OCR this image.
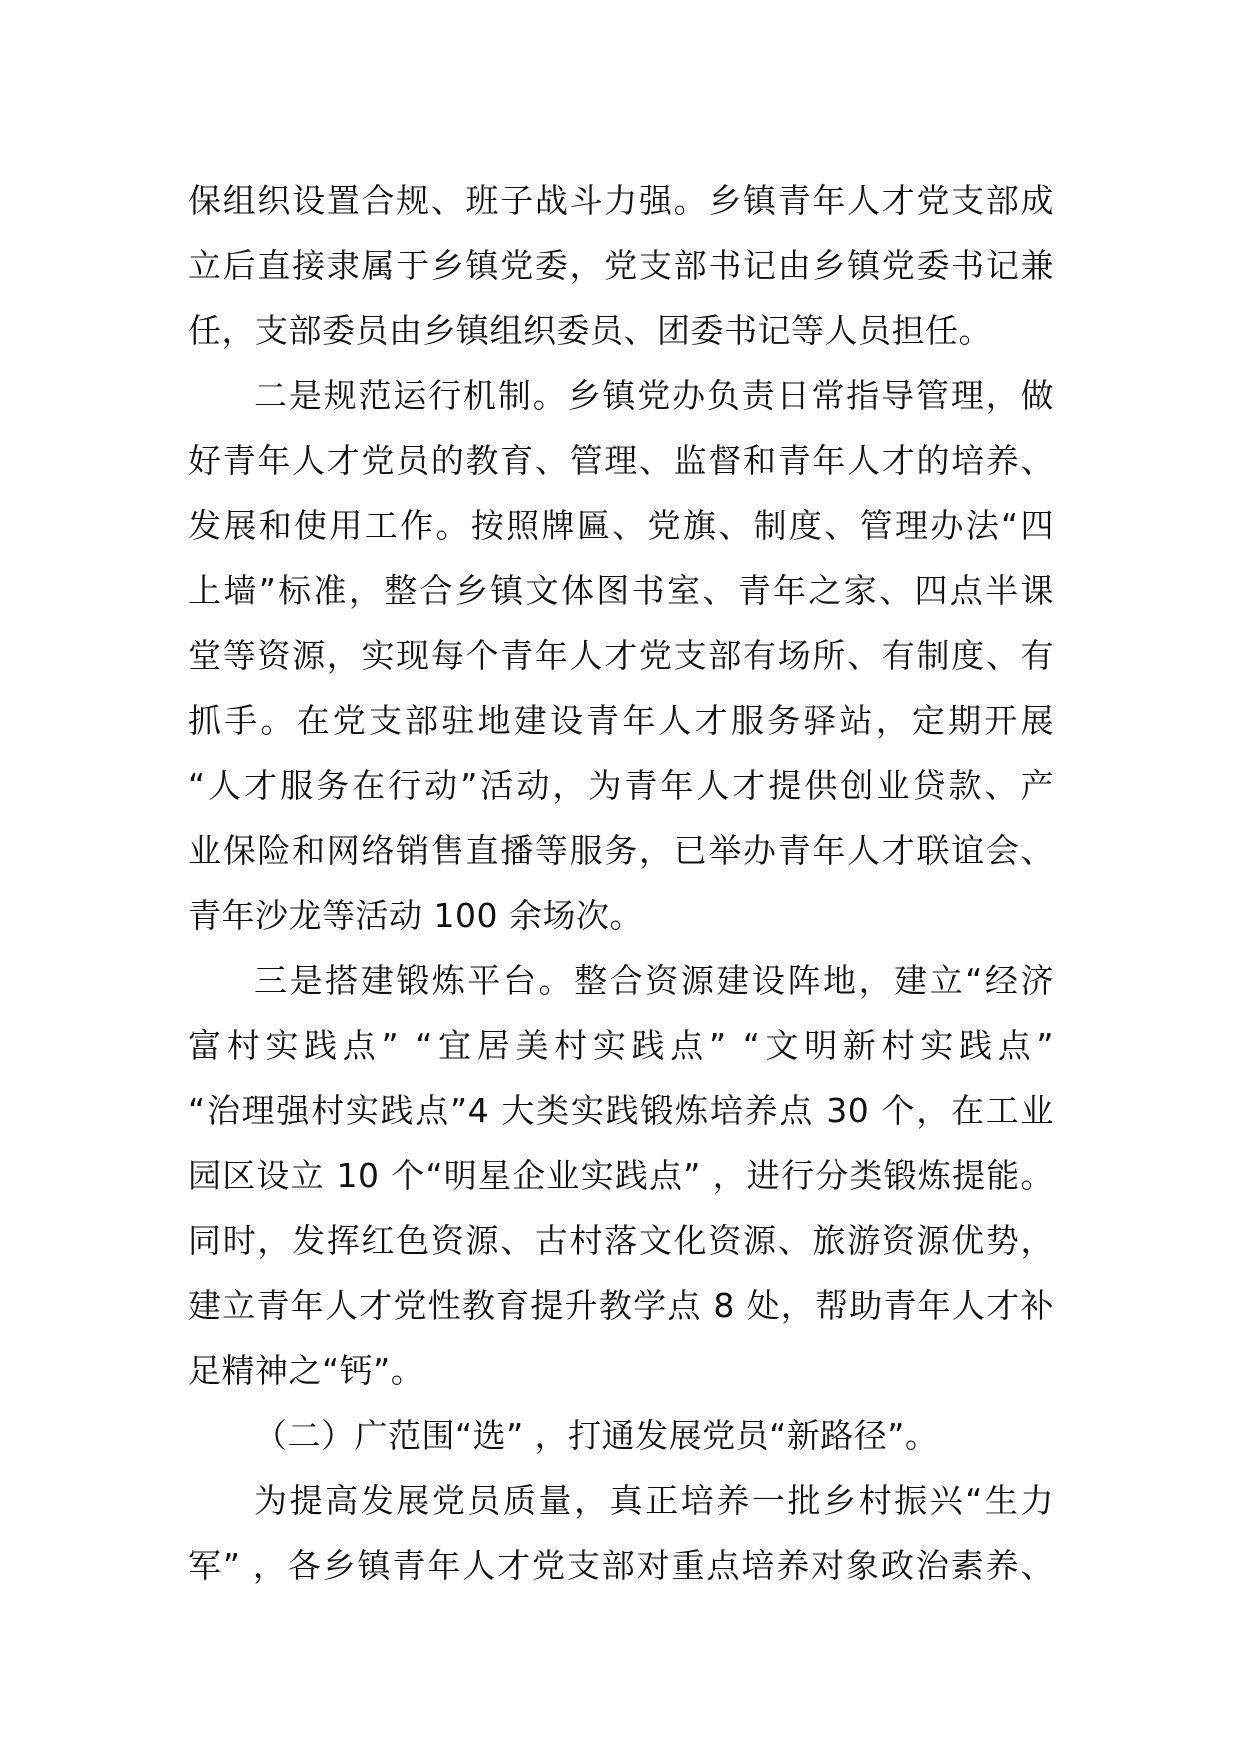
保组织设置合规、班子战斗力强。乡镇青年人才党支部成
立后直接隶属于乡镇党委，党支部书记由乡镇党委书记兼
任，支部委员由乡镇组织委员、团委书记等人员担任。
二是规范运行机制。乡镇党办负责日常指导管理，做
好青年人才党员的教育、管理、监督和青年人才的培养、
发展和使用工作。按照牌匾、党旗、制度、管理办法“四
上墙”标准，整合乡镇文体图书室、青年之家、四点半课
堂等资源，实现每个青年人才党支部有场所、有制度、有
抓手。在党支部驻地建设青年人才服务驿站，定期开展
“人才服务在行动”活动，为青年人才提供创业贷款、产
业保险和网络销售直播等服务，已举办青年人才联谊会、
青年沙龙等活动 100 余场次。
三是搭建锻炼平台。整合资源建设阵地，建立“经济
富村实践点” “宜居美村实践点” “文明新村实践点”
“治理强村实践点”4 大类实践锻炼培养点 30 个，在工业
园区设立 10 个“明星企业实践点” ，进行分类锻炼提能。
同时，发挥红色资源、古村落文化资源、旅游资源优势，
建立青年人才党性教育提升教学点 8 处，帮助青年人才补
足精神之“钙”。
（二）广范围“选” ，打通发展党员“新路径”。
为提高发展党员质量，真正培养一批乡村振兴“生力
军” ，各乡镇青年人才党支部对重点培养对象政治素养、
